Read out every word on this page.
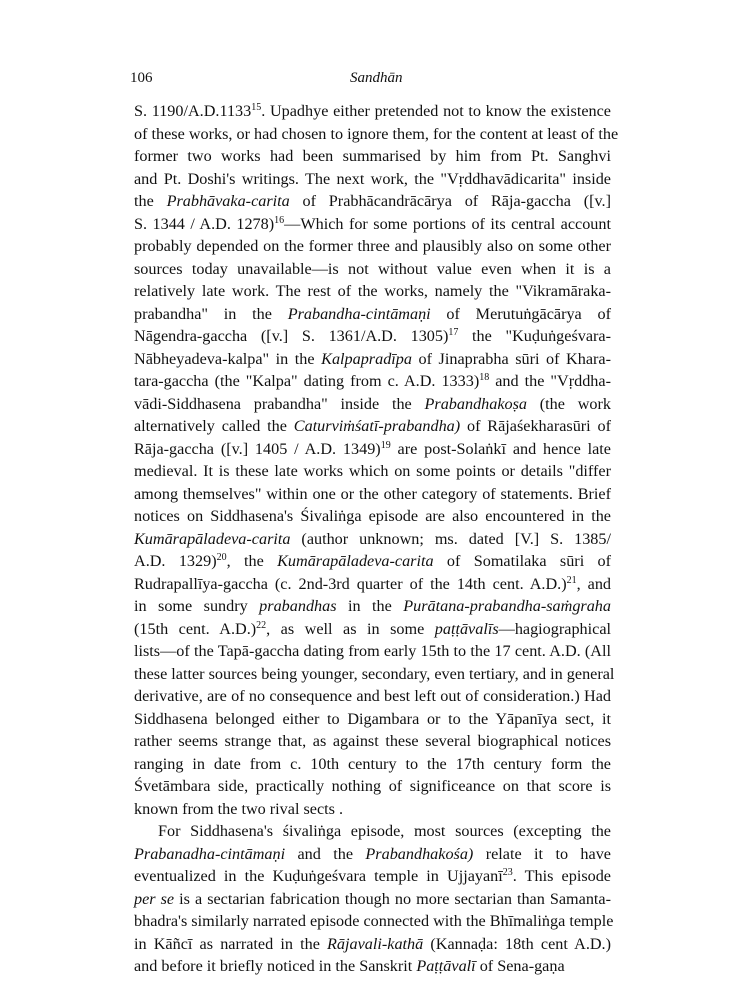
106	Sandhān
S. 1190/A.D.1133$^{15}$. Upadhye either pretended not to know the existence
of these works, or had chosen to ignore them, for the content at least of the
former two works had been summarised by him from Pt. Sanghvi
and Pt. Doshi's writings. The next work, the "Vṛddhavādicarita" inside
the Prabhāvaka-carita of Prabhācandrācārya of Rāja-gaccha ([v.]
S. 1344 / A.D. 1278)$^{16}$—Which for some portions of its central account
probably depended on the former three and plausibly also on some other
sources today unavailable—is not without value even when it is a
relatively late work. The rest of the works, namely the "Vikramāraka-
prabandha" in the Prabandha-cintāmaṇi of Merutuṅgācārya of
Nāgendra-gaccha ([v.] S. 1361/A.D. 1305)$^{17}$ the "Kuḍuṅgeśvara-
Nābheyadeva-kalpa" in the Kalpapradīpa of Jinaprabha sūri of Khara-
tara-gaccha (the "Kalpa" dating from c. A.D. 1333)$^{18}$ and the "Vṛddha-
vādi-Siddhasena prabandha" inside the Prabandhakoṣa (the work
alternatively called the Caturviṁśatī-prabandha) of Rājaśekharasūri of
Rāja-gaccha ([v.] 1405 / A.D. 1349)$^{19}$ are post-Solaṅkī and hence late
medieval. It is these late works which on some points or details "differ
among themselves" within one or the other category of statements. Brief
notices on Siddhasena's Śivaliṅga episode are also encountered in the
Kumārapāladeva-carita (author unknown; ms. dated [V.] S. 1385/
A.D. 1329)$^{20}$, the Kumārapāladeva-carita of Somatilaka sūri of
Rudrapallīya-gaccha (c. 2nd-3rd quarter of the 14th cent. A.D.)$^{21}$, and
in some sundry prabandhas in the Purātana-prabandha-saṁgraha
(15th cent. A.D.)$^{22}$, as well as in some paṭṭāvalīs—hagiographical
lists—of the Tapā-gaccha dating from early 15th to the 17 cent. A.D. (All
these latter sources being younger, secondary, even tertiary, and in general
derivative, are of no consequence and best left out of consideration.) Had
Siddhasena belonged either to Digambara or to the Yāpanīya sect, it
rather seems strange that, as against these several biographical notices
ranging in date from c. 10th century to the 17th century form the
Śvetāmbara side, practically nothing of significeance on that score is
known from the two rival sects .
For Siddhasena's śivaliṅga episode, most sources (excepting the
Prabanadha-cintāmaṇi and the Prabandhakośa) relate it to have
eventualized in the Kuḍuṅgeśvara temple in Ujjayanī$^{23}$. This episode
per se is a sectarian fabrication though no more sectarian than Samanta-
bhadra's similarly narrated episode connected with the Bhīmaliṅga temple
in Kāñcī as narrated in the Rājavali-kathā (Kannaḍa: 18th cent A.D.)
and before it briefly noticed in the Sanskrit Paṭṭāvalī of Sena-gaṇa
